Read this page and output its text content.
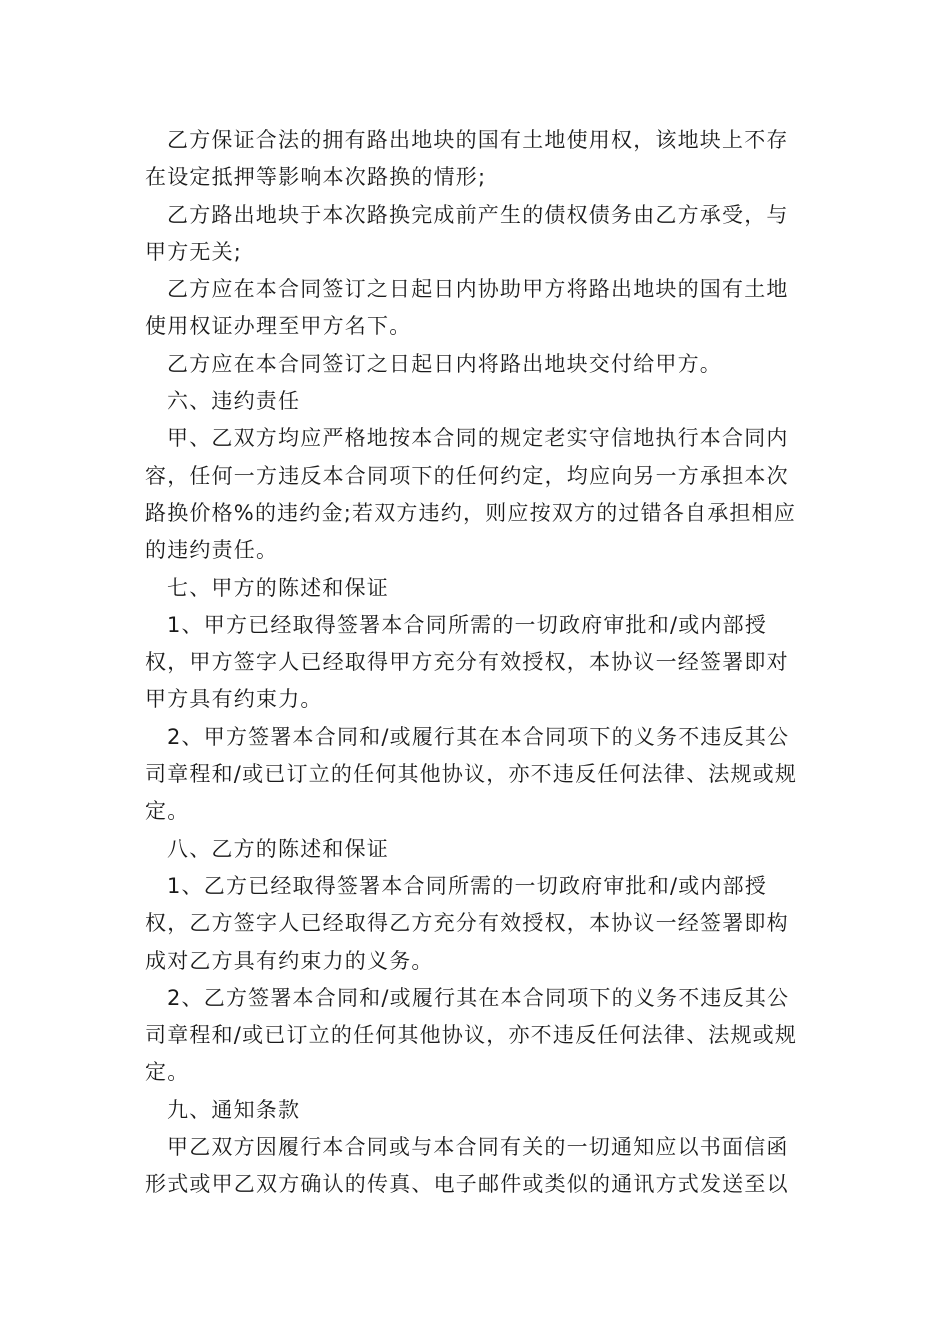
乙方保证合法的拥有路出地块的国有土地使用权，该地块上不存在设定抵押等影响本次路换的情形;

乙方路出地块于本次路换完成前产生的债权债务由乙方承受，与甲方无关;

乙方应在本合同签订之日起日内协助甲方将路出地块的国有土地使用权证办理至甲方名下。

乙方应在本合同签订之日起日内将路出地块交付给甲方。

六、违约责任

甲、乙双方均应严格地按本合同的规定老实守信地执行本合同内容，任何一方违反本合同项下的任何约定，均应向另一方承担本次路换价格%的违约金;若双方违约，则应按双方的过错各自承担相应的违约责任。

七、甲方的陈述和保证

1、甲方已经取得签署本合同所需的一切政府审批和/或内部授权，甲方签字人已经取得甲方充分有效授权，本协议一经签署即对甲方具有约束力。

2、甲方签署本合同和/或履行其在本合同项下的义务不违反其公司章程和/或已订立的任何其他协议，亦不违反任何法律、法规或规定。

八、乙方的陈述和保证

1、乙方已经取得签署本合同所需的一切政府审批和/或内部授权，乙方签字人已经取得乙方充分有效授权，本协议一经签署即构成对乙方具有约束力的义务。

2、乙方签署本合同和/或履行其在本合同项下的义务不违反其公司章程和/或已订立的任何其他协议，亦不违反任何法律、法规或规定。

九、通知条款

甲乙双方因履行本合同或与本合同有关的一切通知应以书面信函形式或甲乙双方确认的传真、电子邮件或类似的通讯方式发送至以
